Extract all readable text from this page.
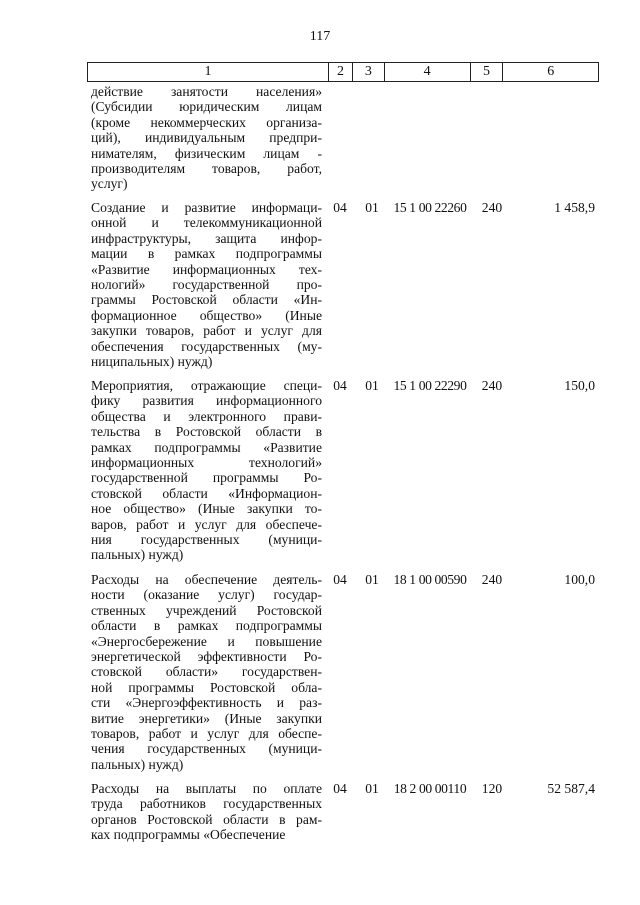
117
1	2	3	4	5	6
действие занятости населения»
(Субсидии юридическим лицам
(кроме некоммерческих организа-
ций), индивидуальным предпри-
нимателям, физическим лицам -
производителям товаров, работ,
услуг)
Создание и развитие информаци-
онной и телекоммуникационной
инфраструктуры, защита инфор-
мации в рамках подпрограммы
«Развитие информационных тех-
нологий» государственной про-
граммы Ростовской области «Ин-
формационное общество» (Иные
закупки товаров, работ и услуг для
обеспечения государственных (му-
ниципальных) нужд)
04	01	15 1 00 22260	240	1 458,9
Мероприятия, отражающие специ-
фику развития информационного
общества и электронного прави-
тельства в Ростовской области в
рамках подпрограммы «Развитие
информационных технологий»
государственной программы Ро-
стовской области «Информацион-
ное общество» (Иные закупки то-
варов, работ и услуг для обеспече-
ния государственных (муници-
пальных) нужд)
04	01	15 1 00 22290	240	150,0
Расходы на обеспечение деятель-
ности (оказание услуг) государ-
ственных учреждений Ростовской
области в рамках подпрограммы
«Энергосбережение и повышение
энергетической эффективности Ро-
стовской области» государствен-
ной программы Ростовской обла-
сти «Энергоэффективность и раз-
витие энергетики» (Иные закупки
товаров, работ и услуг для обеспе-
чения государственных (муници-
пальных) нужд)
04	01	18 1 00 00590	240	100,0
Расходы на выплаты по оплате
труда работников государственных
органов Ростовской области в рам-
ках подпрограммы «Обеспечение
04	01	18 2 00 00110	120	52 587,4
